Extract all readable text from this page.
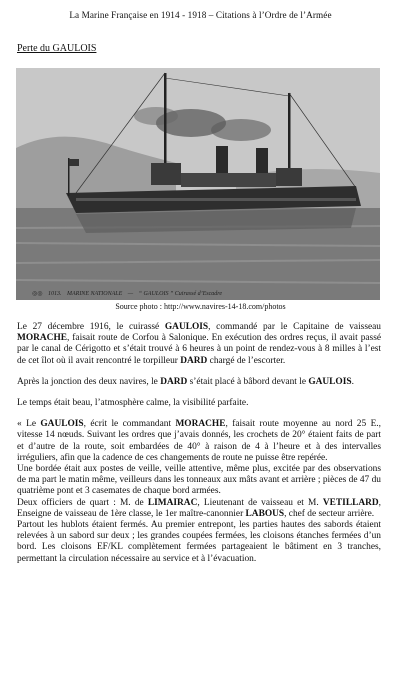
La Marine Française en 1914 - 1918 – Citations à l’Ordre de l’Armée
Perte du GAULOIS
◎◎ 1013. MARINE NATIONALE — “ GAULOIS ” Cuirassé d’Escadre
Source photo : http://www.navires-14-18.com/photos

Le 27 décembre 1916, le cuirassé GAULOIS, commandé par le Capitaine de vaisseau MORACHE, faisait route de Corfou à Salonique. En exécution des ordres reçus, il avait passé par le canal de Cérigotto et s’était trouvé à 6 heures à un point de rendez-vous à 8 milles à l’est de cet îlot où il avait rencontré le torpilleur DARD chargé de l’escorter.

Après la jonction des deux navires, le DARD s’était placé à bâbord devant le GAULOIS.

Le temps était beau, l’atmosphère calme, la visibilité parfaite.

« Le GAULOIS, écrit le commandant MORACHE, faisait route moyenne au nord 25 E., vitesse 14 nœuds. Suivant les ordres que j’avais donnés, les crochets de 20° étaient faits de part et d’autre de la route, soit embardées de 40° à raison de 4 à l’heure et à des intervalles irréguliers, afin que la cadence de ces changements de route ne puisse être repérée.

Une bordée était aux postes de veille, veille attentive, même plus, excitée par des observations de ma part le matin même, veilleurs dans les tonneaux aux mâts avant et arrière ; pièces de 47 du quatrième pont et 3 casemates de chaque bord armées.

Deux officiers de quart : M. de LIMAIRAC, Lieutenant de vaisseau et M. VETILLARD, Enseigne de vaisseau de 1ère classe, le 1er maître-canonnier LABOUS, chef de secteur arrière.

Partout les hublots étaient fermés. Au premier entrepont, les parties hautes des sabords étaient relevées à un sabord sur deux ; les grandes coupées fermées, les cloisons étanches fermées d’un bord. Les cloisons EF/KL complètement fermées partageaient le bâtiment en 3 tranches, permettant la circulation nécessaire au service et à l’évacuation.
